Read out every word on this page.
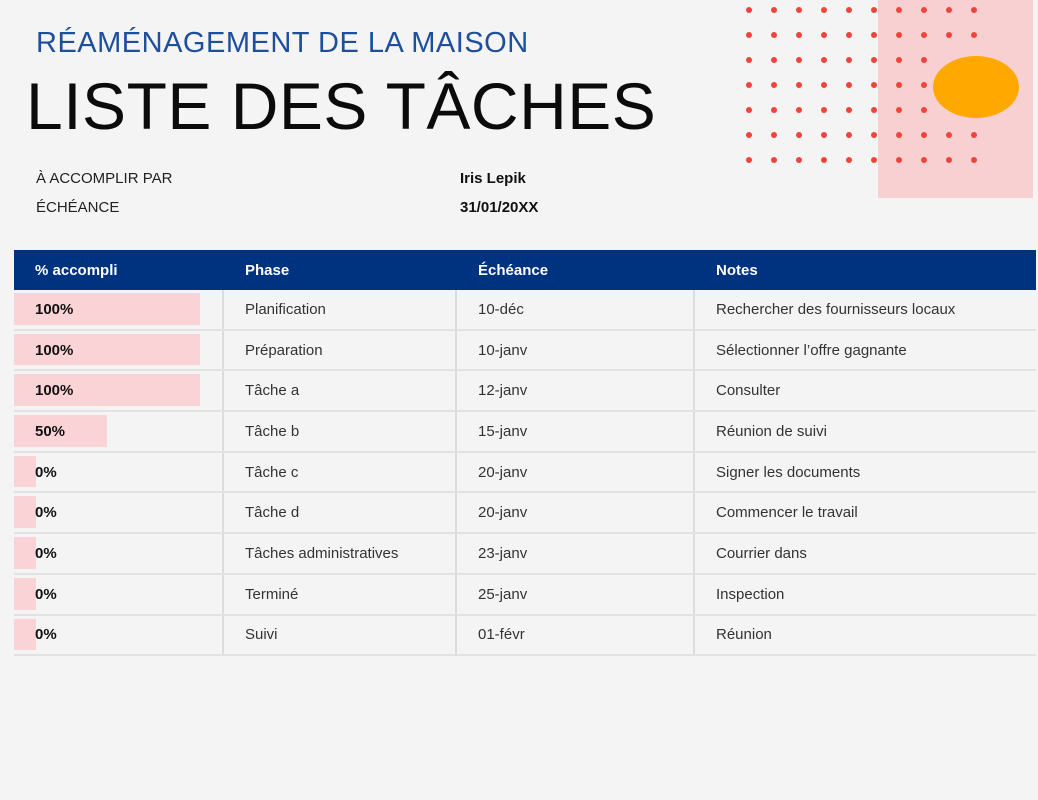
RÉAMÉNAGEMENT DE LA MAISON
LISTE DES TÂCHES
À ACCOMPLIR PAR	Iris Lepik
ÉCHÉANCE	31/01/20XX
% accompli	Phase	Échéance	Notes
100%	Planification	10-déc	Rechercher des fournisseurs locaux
100%	Préparation	10-janv	Sélectionner l’offre gagnante
100%	Tâche a	12-janv	Consulter
50%	Tâche b	15-janv	Réunion de suivi
0%	Tâche c	20-janv	Signer les documents
0%	Tâche d	20-janv	Commencer le travail
0%	Tâches administratives	23-janv	Courrier dans
0%	Terminé	25-janv	Inspection
0%	Suivi	01-févr	Réunion
